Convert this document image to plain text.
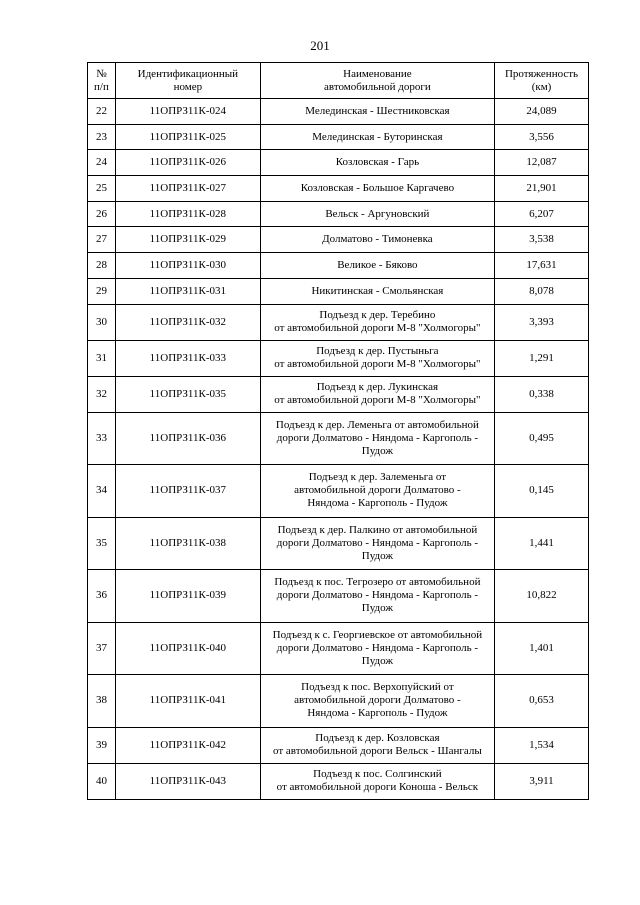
201
№
п/п	Идентификационный
номер	Наименование
автомобильной дороги	Протяженность
(км)
22	11ОПРЗ11К-024	Мелединская - Шестниковская	24,089
23	11ОПРЗ11К-025	Мелединская - Буторинская	3,556
24	11ОПРЗ11К-026	Козловская - Гарь	12,087
25	11ОПРЗ11К-027	Козловская - Большое Каргачево	21,901
26	11ОПРЗ11К-028	Вельск - Аргуновский	6,207
27	11ОПРЗ11К-029	Долматово - Тимоневка	3,538
28	11ОПРЗ11К-030	Великое - Бяково	17,631
29	11ОПРЗ11К-031	Никитинская - Смольянская	8,078
30	11ОПРЗ11К-032	Подъезд к дер. Теребино
от автомобильной дороги М-8 "Холмогоры"	3,393
31	11ОПРЗ11К-033	Подъезд к дер. Пустыньга
от автомобильной дороги М-8 "Холмогоры"	1,291
32	11ОПРЗ11К-035	Подъезд к дер. Лукинская
от автомобильной дороги М-8 "Холмогоры"	0,338
33	11ОПРЗ11К-036	Подъезд к дер. Леменьга от автомобильной
дороги Долматово - Няндома - Каргополь -
Пудож	0,495
34	11ОПРЗ11К-037	Подъезд к дер. Залеменьга от
автомобильной дороги Долматово -
Няндома - Каргополь - Пудож	0,145
35	11ОПРЗ11К-038	Подъезд к дер. Палкино от автомобильной
дороги Долматово - Няндома - Каргополь -
Пудож	1,441
36	11ОПРЗ11К-039	Подъезд к пос. Тегрозеро от автомобильной
дороги Долматово - Няндома - Каргополь -
Пудож	10,822
37	11ОПРЗ11К-040	Подъезд к с. Георгиевское от автомобильной
дороги Долматово - Няндома - Каргополь -
Пудож	1,401
38	11ОПРЗ11К-041	Подъезд к пос. Верхопуйский от
автомобильной дороги Долматово -
Няндома - Каргополь - Пудож	0,653
39	11ОПРЗ11К-042	Подъезд к дер. Козловская
от автомобильной дороги Вельск - Шангалы	1,534
40	11ОПРЗ11К-043	Подъезд к пос. Солгинский
от автомобильной дороги Коноша - Вельск	3,911
